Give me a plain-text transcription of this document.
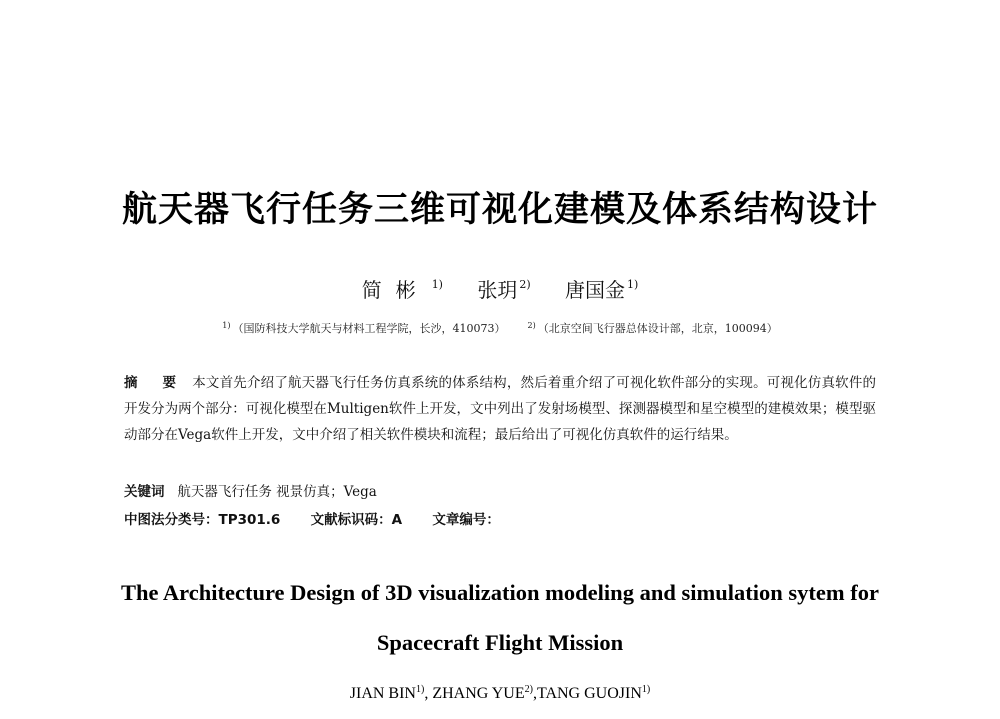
航天器飞行任务三维可视化建模及体系结构设计
简彬 $^{1)}$ 张玥 $^{2)}$ 唐国金 $^{1)}$
$^{1)}$ （国防科技大学航天与材料工程学院，长沙，410073）	$^{2)}$ （北京空间飞行器总体设计部，北京，100094）
摘 要 本文首先介绍了航天器飞行任务仿真系统的体系结构，然后着重介绍了可视化软件部分的实现。可视化仿真软件的开发分为两个部分：可视化模型在Multigen软件上开发，文中列出了发射场模型、探测器模型和星空模型的建模效果；模型驱动部分在Vega软件上开发，文中介绍了相关软件模块和流程；最后给出了可视化仿真软件的运行结果。
关键词 航天器飞行任务 视景仿真；Vega
中图法分类号：TP301.6 文献标识码：A 文章编号：
The Architecture Design of 3D visualization modeling and simulation sytem for
Spacecraft Flight Mission
JIAN BIN$^{1)}$, ZHANG YUE$^{2)}$,TANG GUOJIN$^{1)}$
